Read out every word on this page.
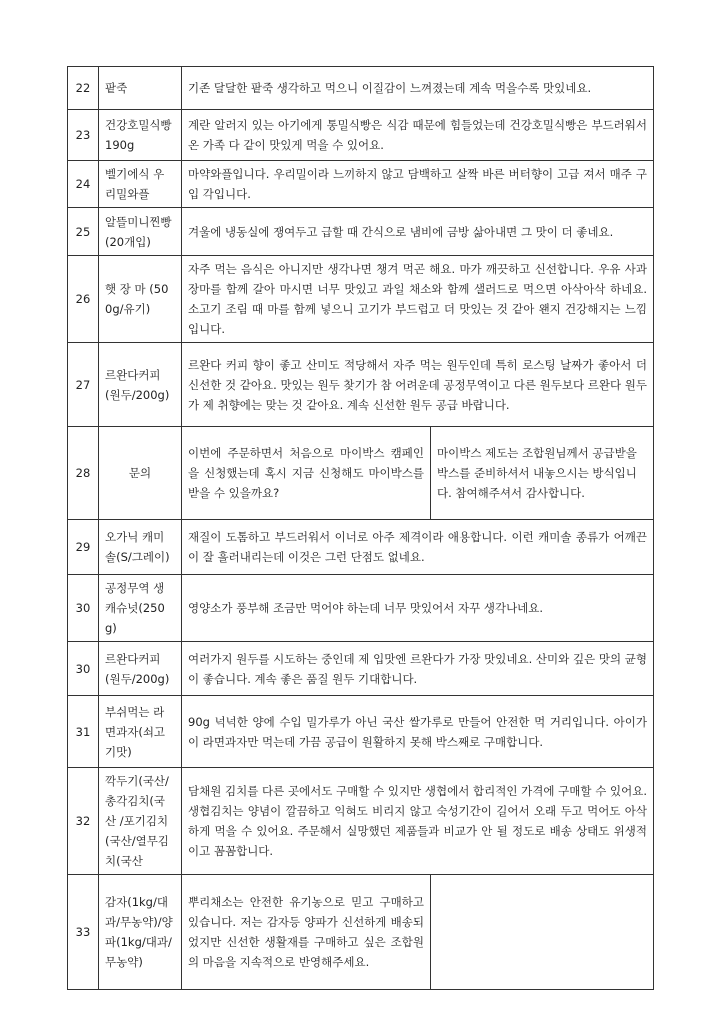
22	팥죽	기존 달달한 팥죽 생각하고 먹으니 이질감이 느껴졌는데 계속 먹을수록 맛있네요.	
23	건강호밀식빵190g	계란 알러지 있는 아기에게 통밀식빵은 식감 때문에 힘들었는데 건강호밀식빵은 부드러워서 온 가족 다 같이 맛있게 먹을 수 있어요.	
24	벨기에식 우리밀와플	마약와플입니다. 우리밀이라 느끼하지 않고 담백하고 살짝 바른 버터향이 고급 져서 매주 구입 각입니다.	
25	알뜰미니찐빵(20개입)	겨울에 냉동실에 쟁여두고 급할 때 간식으로 냄비에 금방 삶아내면 그 맛이 더 좋네요.	
26	햇 장 마 (500g/유기)	자주 먹는 음식은 아니지만 생각나면 챙겨 먹곤 해요. 마가 깨끗하고 신선합니다. 우유 사과 장마를 함께 갈아 마시면 너무 맛있고 과일 채소와 함께 샐러드로 먹으면 아삭아삭 하네요. 소고기 조림 때 마를 함께 넣으니 고기가 부드럽고 더 맛있는 것 같아 왠지 건강해지는 느낌입니다.	
27	르완다커피(원두/200g)	르완다 커피 향이 좋고 산미도 적당해서 자주 먹는 원두인데 특히 로스팅 날짜가 좋아서 더 신선한 것 같아요. 맛있는 원두 찾기가 참 어려운데 공정무역이고 다른 원두보다 르완다 원두가 제 취향에는 맞는 것 같아요. 계속 신선한 원두 공급 바랍니다.	
28	문의	이번에 주문하면서 처음으로 마이박스 캠페인을 신청했는데 혹시 지금 신청해도 마이박스를 받을 수 있을까요?	마이박스 제도는 조합원님께서 공급받을 박스를 준비하셔서 내놓으시는 방식입니다. 참여해주셔서 감사합니다.
29	오가닉 캐미솔(S/그레이)	재질이 도톰하고 부드러워서 이너로 아주 제격이라 애용합니다. 이런 캐미솔 종류가 어깨끈이 잘 흘러내리는데 이것은 그런 단점도 없네요.	
30	공정무역 생캐슈넛(250g)	영양소가 풍부해 조금만 먹어야 하는데 너무 맛있어서 자꾸 생각나네요.	
30	르완다커피(원두/200g)	여러가지 원두를 시도하는 중인데 제 입맛엔 르완다가 가장 맛있네요. 산미와 깊은 맛의 균형이 좋습니다. 계속 좋은 품질 원두 기대합니다.	
31	부쉬먹는 라면과자(쇠고기맛)	90g 넉넉한 양에 수입 밀가루가 아닌 국산 쌀가루로 만들어 안전한 먹 거리입니다. 아이가 이 라면과자만 먹는데 가끔 공급이 원활하지 못해 박스째로 구매합니다.	
32	깍두기(국산/총각김치(국산 /포기김치(국산/열무김치(국산	담채원 김치를 다른 곳에서도 구매할 수 있지만 생협에서 합리적인 가격에 구매할 수 있어요. 생협김치는 양념이 깔끔하고 익혀도 비리지 않고 숙성기간이 길어서 오래 두고 먹어도 아삭하게 먹을 수 있어요. 주문해서 실망했던 제품들과 비교가 안 될 정도로 배송 상태도 위생적이고 꼼꼼합니다.	
33	감자(1kg/대과/무농약)/양파(1kg/대과/무농약)	뿌리채소는 안전한 유기농으로 믿고 구매하고 있습니다. 저는 감자등 양파가 신선하게 배송되었지만 신선한 생활재를 구매하고 싶은 조합원의 마음을 지속적으로 반영해주세요.	
